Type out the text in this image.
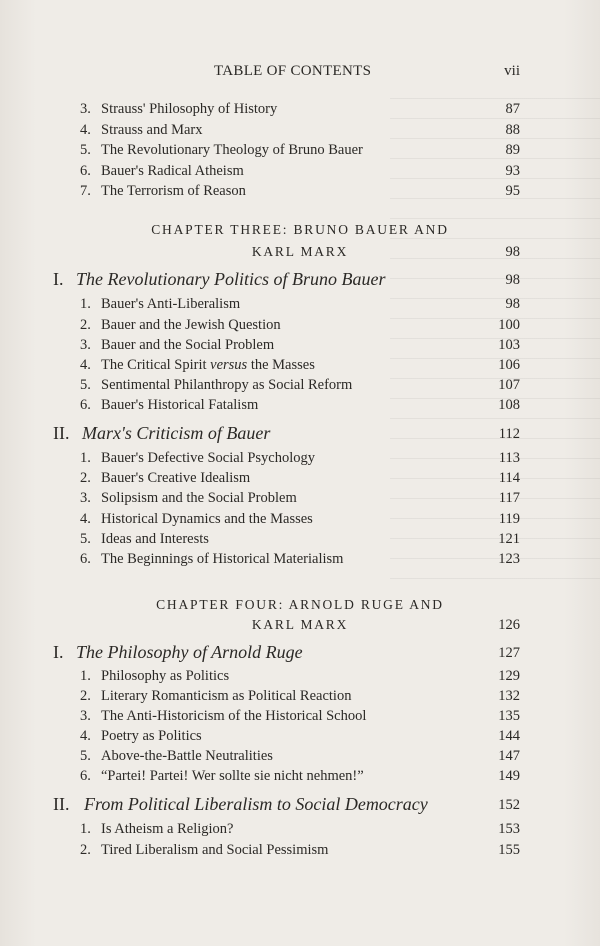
TABLE OF CONTENTS	vii
3. Strauss' Philosophy of History	87
4. Strauss and Marx	88
5. The Revolutionary Theology of Bruno Bauer	89
6. Bauer's Radical Atheism	93
7. The Terrorism of Reason	95
CHAPTER THREE: BRUNO BAUER AND
KARL MARX	98
I. The Revolutionary Politics of Bruno Bauer	98
1. Bauer's Anti-Liberalism	98
2. Bauer and the Jewish Question	100
3. Bauer and the Social Problem	103
4. The Critical Spirit versus the Masses	106
5. Sentimental Philanthropy as Social Reform	107
6. Bauer's Historical Fatalism	108
II. Marx's Criticism of Bauer	112
1. Bauer's Defective Social Psychology	113
2. Bauer's Creative Idealism	114
3. Solipsism and the Social Problem	117
4. Historical Dynamics and the Masses	119
5. Ideas and Interests	121
6. The Beginnings of Historical Materialism	123
CHAPTER FOUR: ARNOLD RUGE AND
KARL MARX	126
I. The Philosophy of Arnold Ruge	127
1. Philosophy as Politics	129
2. Literary Romanticism as Political Reaction	132
3. The Anti-Historicism of the Historical School	135
4. Poetry as Politics	144
5. Above-the-Battle Neutralities	147
6. “Partei! Partei! Wer sollte sie nicht nehmen!”	149
II. From Political Liberalism to Social Democracy	152
1. Is Atheism a Religion?	153
2. Tired Liberalism and Social Pessimism	155
